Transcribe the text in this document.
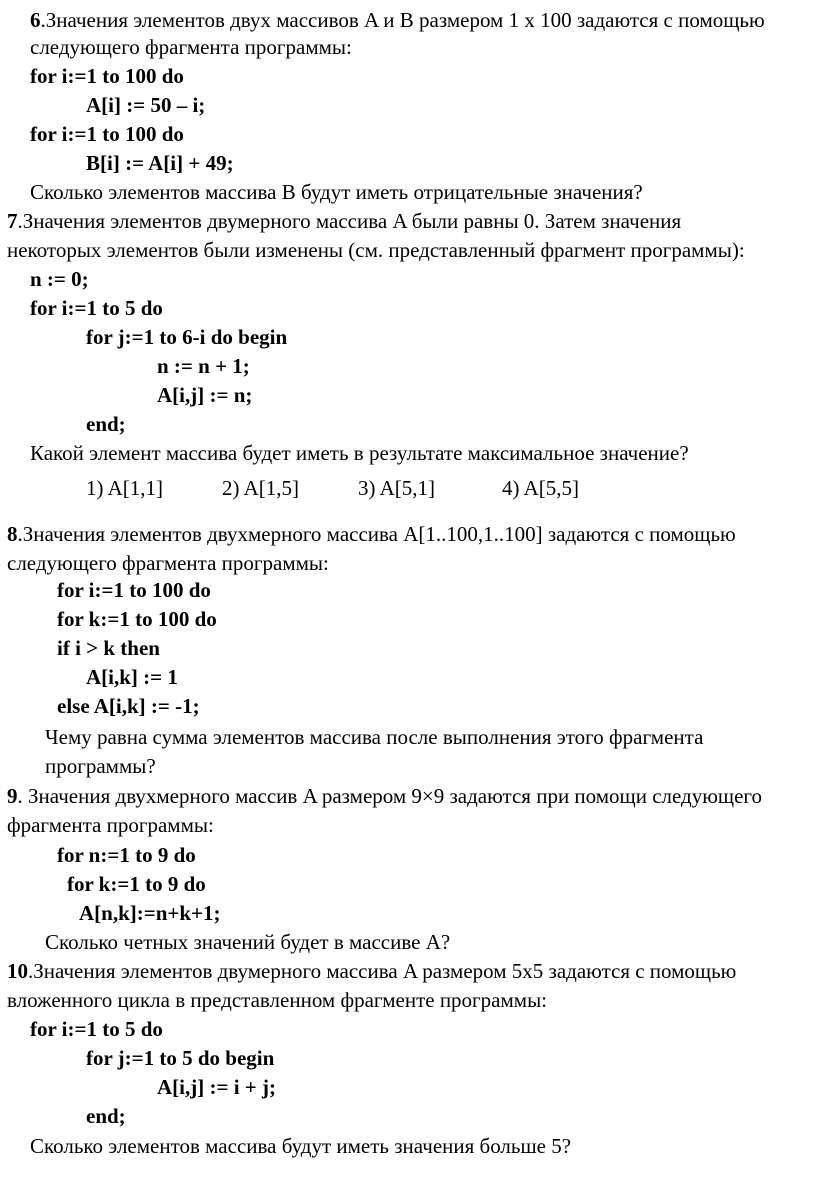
6.Значения элементов двух массивов A и B размером 1 x 100 задаются с помощью
следующего фрагмента программы:
for i:=1 to 100 do
A[i] := 50 – i;
for i:=1 to 100 do
B[i] := A[i] + 49;
Сколько элементов массива B будут иметь отрицательные значения?
7.Значения элементов двумерного массива A были равны 0. Затем значения
некоторых элементов были изменены (см. представленный фрагмент программы):
n := 0;
for i:=1 to 5 do
for j:=1 to 6-i do begin
n := n + 1;
A[i,j] := n;
end;
Какой элемент массива будет иметь в результате максимальное значение?
1) A[1,1]	2) A[1,5]	3) A[5,1]	4) A[5,5]
8.Значения элементов двухмерного массива A[1..100,1..100] задаются с помощью
следующего фрагмента программы:
for i:=1 to 100 do
for k:=1 to 100 do
if i > k then
A[i,k] := 1
else A[i,k] := -1;
Чему равна сумма элементов массива после выполнения этого фрагмента
программы?
9. Значения двухмерного массив A размером 9×9 задаются при помощи следующего
фрагмента программы:
for n:=1 to 9 do
for k:=1 to 9 do
A[n,k]:=n+k+1;
Сколько четных значений будет в массиве A?
10.Значения элементов двумерного массива A размером 5x5 задаются с помощью
вложенного цикла в представленном фрагменте программы:
for i:=1 to 5 do
for j:=1 to 5 do begin
A[i,j] := i + j;
end;
Сколько элементов массива будут иметь значения больше 5?
